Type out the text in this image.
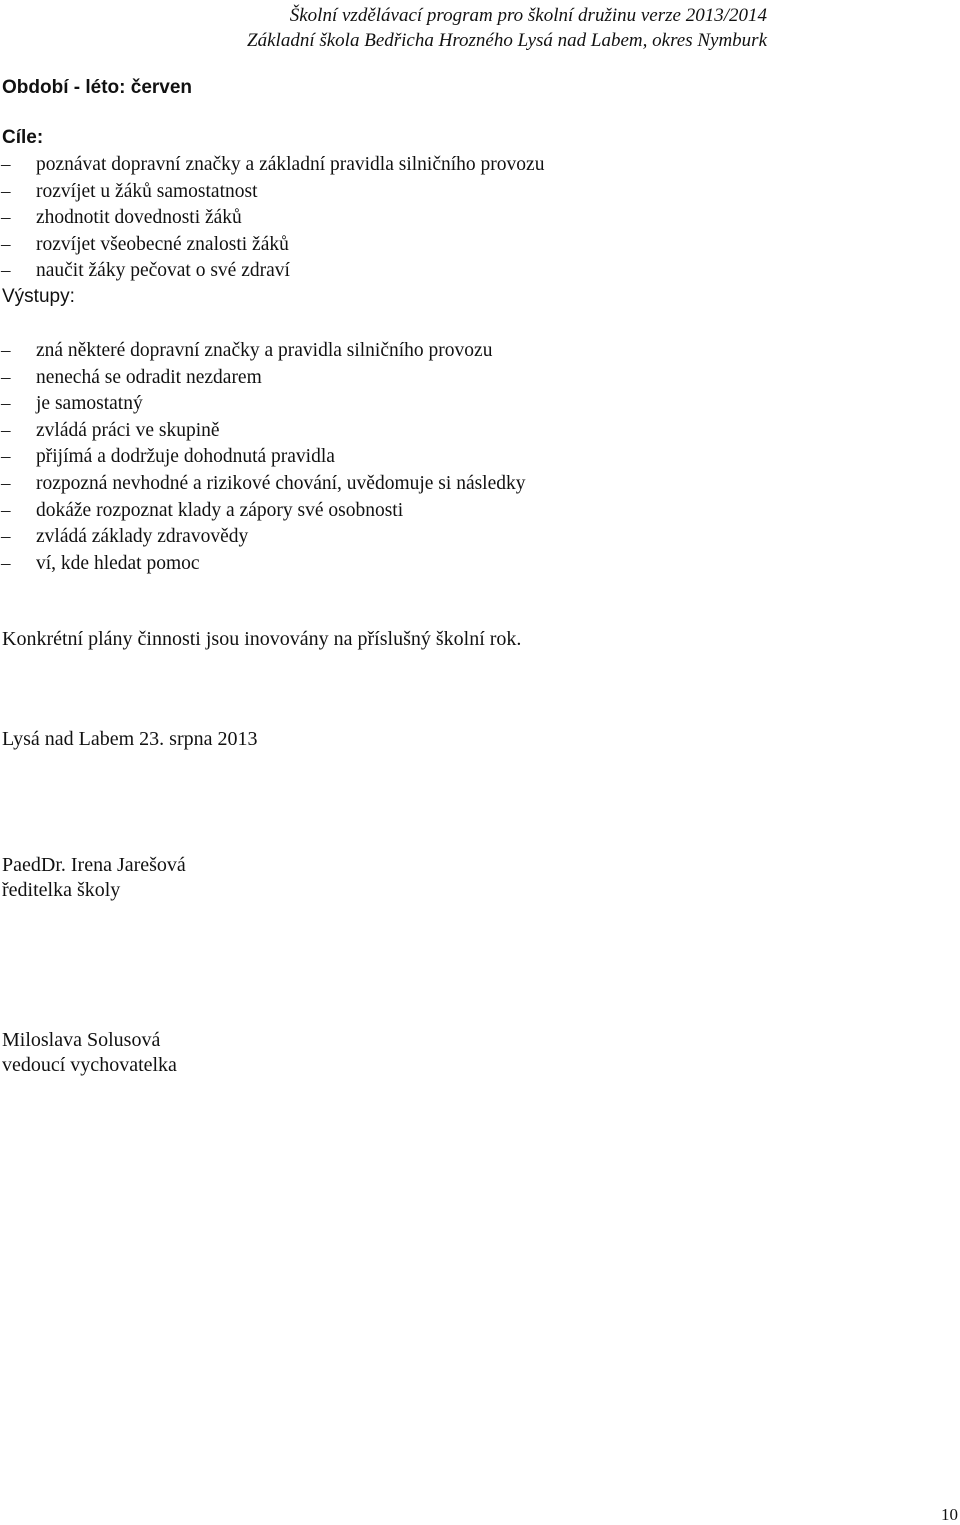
Školní vzdělávací program pro školní družinu verze 2013/2014
Základní škola Bedřicha Hrozného Lysá nad Labem, okres Nymburk
Období - léto: červen
Cíle:
– poznávat dopravní značky a základní pravidla silničního provozu
– rozvíjet u žáků samostatnost
– zhodnotit dovednosti žáků
– rozvíjet všeobecné znalosti žáků
– naučit žáky pečovat o své zdraví
Výstupy:
– zná některé dopravní značky a pravidla silničního provozu
– nenechá se odradit nezdarem
– je samostatný
– zvládá práci ve skupině
– přijímá a dodržuje dohodnutá pravidla
– rozpozná nevhodné a rizikové chování, uvědomuje si následky
– dokáže rozpoznat klady a zápory své osobnosti
– zvládá základy zdravovědy
– ví, kde hledat pomoc
Konkrétní plány činnosti jsou inovovány na příslušný školní rok.
Lysá nad Labem 23. srpna 2013
PaedDr. Irena Jarešová
ředitelka školy
Miloslava Solusová
vedoucí vychovatelka
10
